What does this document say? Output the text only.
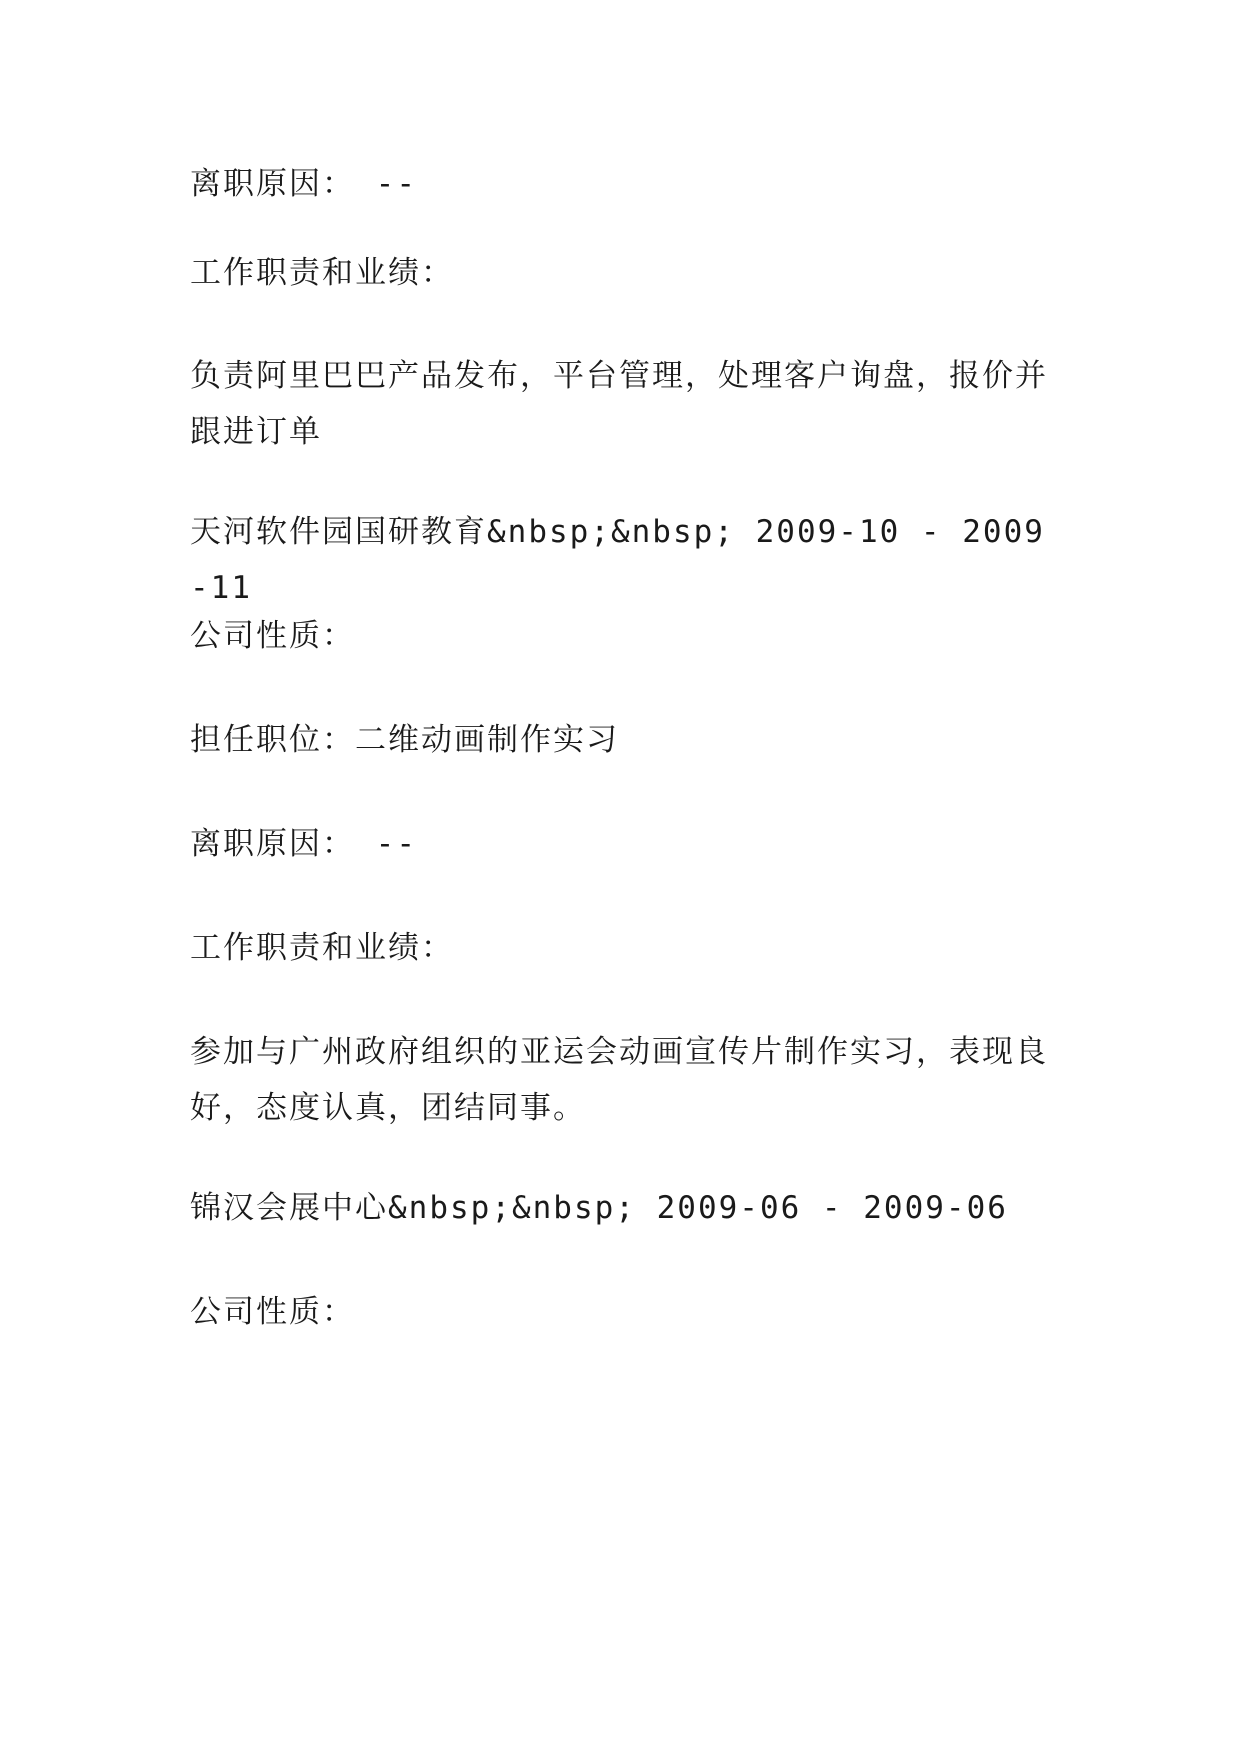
离职原因： --

工作职责和业绩：

负责阿里巴巴产品发布，平台管理，处理客户询盘，报价并跟进订单

天河软件园国研教育&nbsp;&nbsp; 2009-10 - 2009-11

公司性质：

担任职位：二维动画制作实习

离职原因： --

工作职责和业绩：

参加与广州政府组织的亚运会动画宣传片制作实习，表现良好，态度认真，团结同事。

锦汉会展中心&nbsp;&nbsp; 2009-06 - 2009-06

公司性质：
